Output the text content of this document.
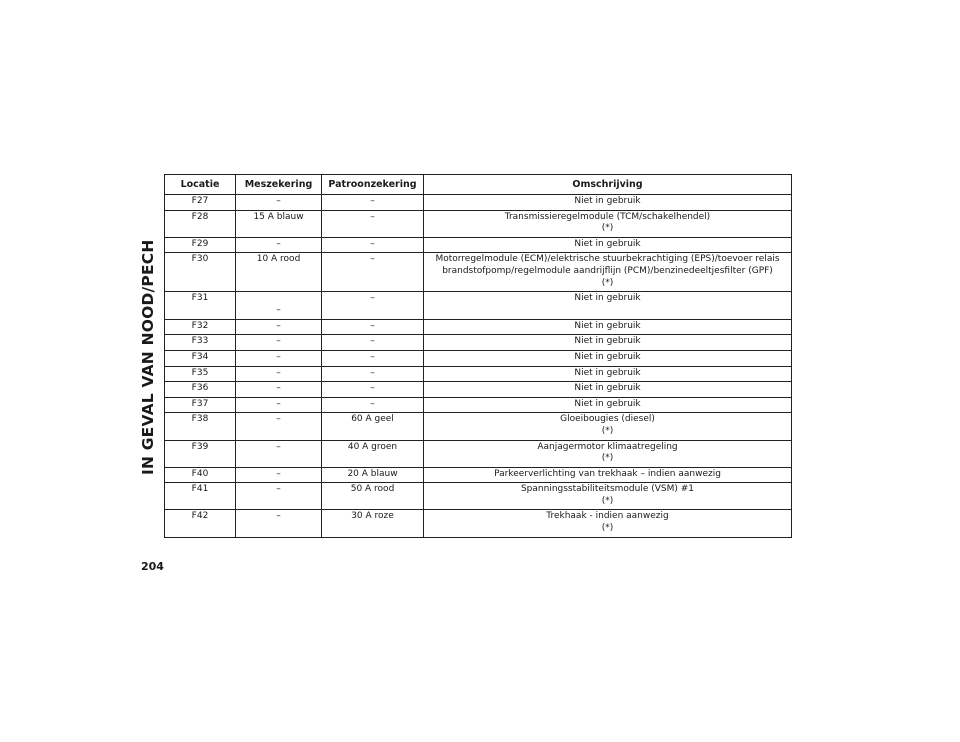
IN GEVAL VAN NOOD/PECH
Locatie	Meszekering	Patroonzekering	Omschrijving
F27	–	–	Niet in gebruik
F28	15 A blauw	–	Transmissieregelmodule (TCM/schakelhendel)
(*)
F29	–	–	Niet in gebruik
F30	10 A rood	–	Motorregelmodule (ECM)/elektrische stuurbekrachtiging (EPS)/toevoer relais
brandstofpomp/regelmodule aandrijflijn (PCM)/benzinedeeltjesfilter (GPF)
(*)
F31	–	–	Niet in gebruik
F32	–	–	Niet in gebruik
F33	–	–	Niet in gebruik
F34	–	–	Niet in gebruik
F35	–	–	Niet in gebruik
F36	–	–	Niet in gebruik
F37	–	–	Niet in gebruik
F38	–	60 A geel	Gloeibougies (diesel)
(*)
F39	–	40 A groen	Aanjagermotor klimaatregeling
(*)
F40	–	20 A blauw	Parkeerverlichting van trekhaak – indien aanwezig
F41	–	50 A rood	Spanningsstabiliteitsmodule (VSM) #1
(*)
F42	–	30 A roze	Trekhaak - indien aanwezig
(*)
204
